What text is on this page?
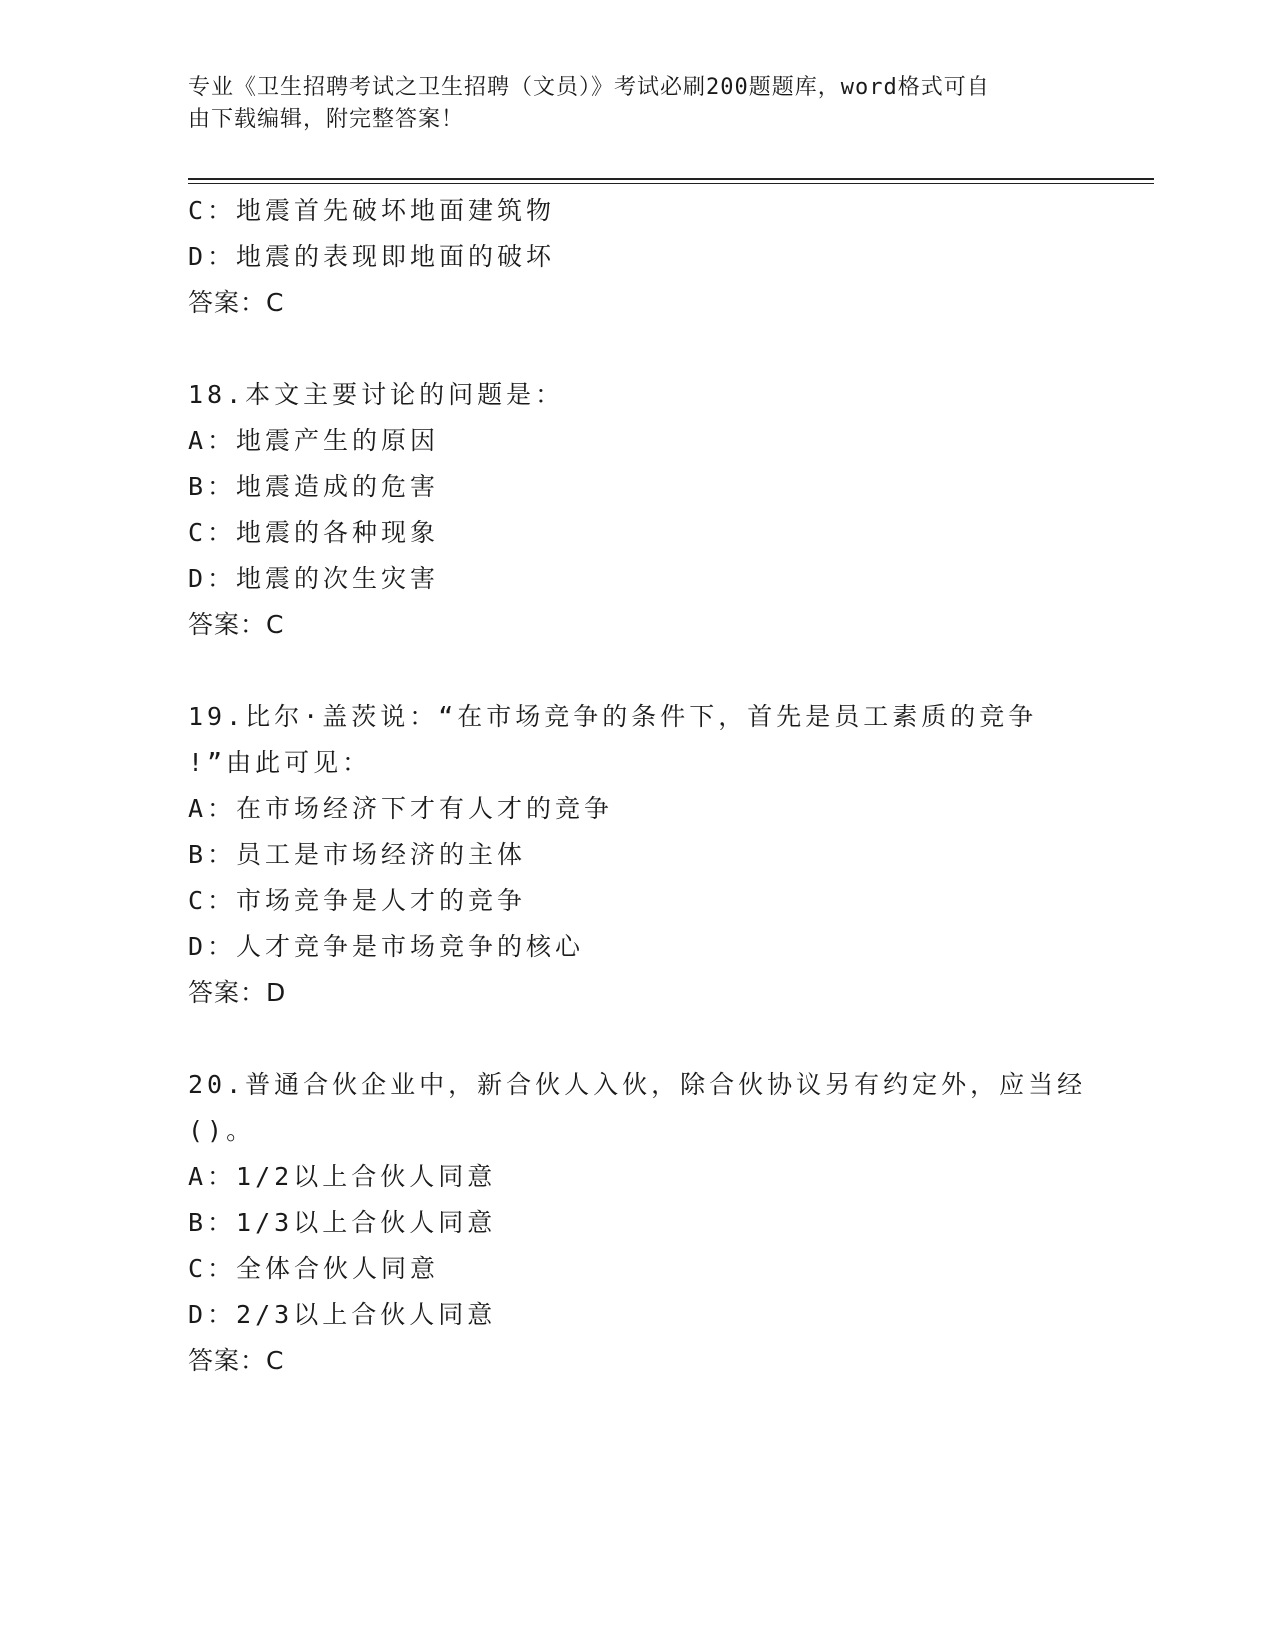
专业《卫生招聘考试之卫生招聘（文员）》考试必刷200题题库，word格式可自
由下载编辑，附完整答案！
C：地震首先破坏地面建筑物
D：地震的表现即地面的破坏
答案：C
18.本文主要讨论的问题是：
A：地震产生的原因
B：地震造成的危害
C：地震的各种现象
D：地震的次生灾害
答案：C
19.比尔·盖茨说：“在市场竞争的条件下，首先是员工素质的竞争
!”由此可见：
A：在市场经济下才有人才的竞争
B：员工是市场经济的主体
C：市场竞争是人才的竞争
D：人才竞争是市场竞争的核心
答案：D
20.普通合伙企业中，新合伙人入伙，除合伙协议另有约定外，应当经
()。
A：1/2以上合伙人同意
B：1/3以上合伙人同意
C：全体合伙人同意
D：2/3以上合伙人同意
答案：C
